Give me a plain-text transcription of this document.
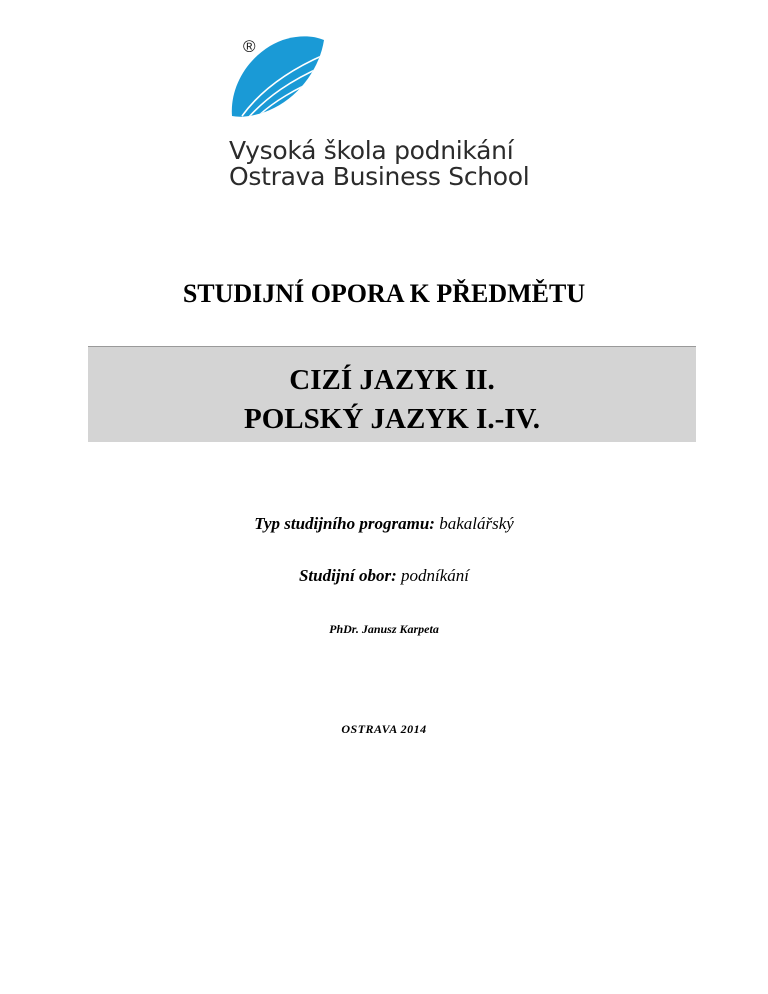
®
Vysoká škola podnikání
Ostrava Business School
STUDIJNÍ OPORA K PŘEDMĚTU
CIZÍ JAZYK II.
POLSKÝ JAZYK I.-IV.
Typ studijního programu: bakalářský
Studijní obor: podníkání
PhDr. Janusz Karpeta
OSTRAVA 2014
